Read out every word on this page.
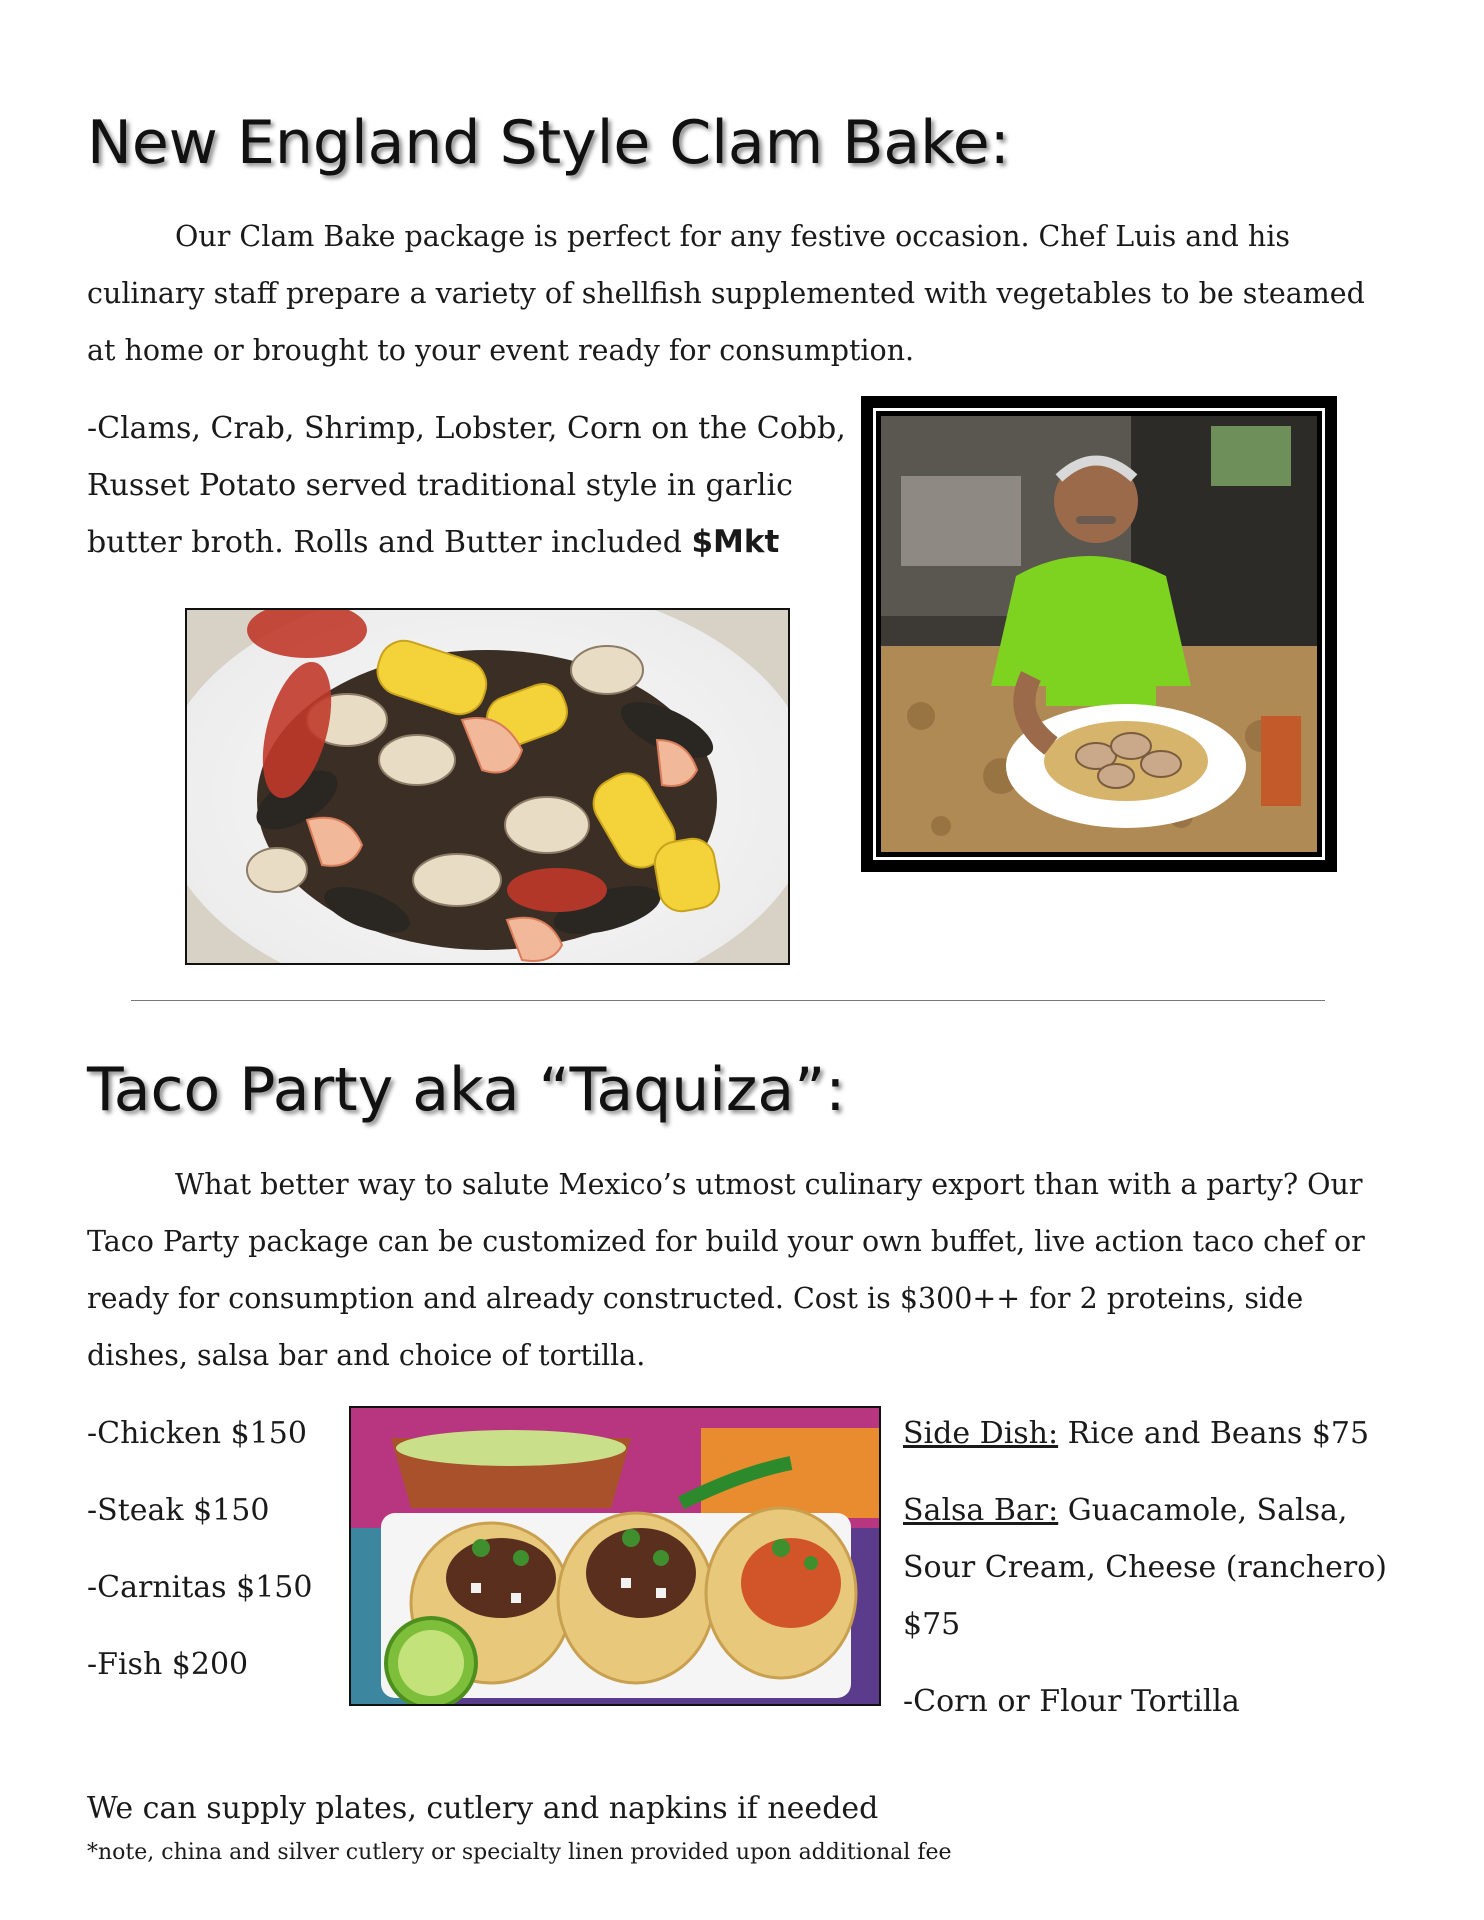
New England Style Clam Bake:

Our Clam Bake package is perfect for any festive occasion. Chef Luis and his culinary staff prepare a variety of shellfish supplemented with vegetables to be steamed at home or brought to your event ready for consumption.

-Clams, Crab, Shrimp, Lobster, Corn on the Cobb, Russet Potato served traditional style in garlic butter broth. Rolls and Butter included $Mkt

Taco Party aka “Taquiza”:

What better way to salute Mexico’s utmost culinary export than with a party? Our Taco Party package can be customized for build your own buffet, live action taco chef or ready for consumption and already constructed. Cost is $300++ for 2 proteins, side dishes, salsa bar and choice of tortilla.

-Chicken $150

-Steak $150

-Carnitas $150

-Fish $200

Side Dish: Rice and Beans $75

Salsa Bar: Guacamole, Salsa, Sour Cream, Cheese (ranchero) $75

-Corn or Flour Tortilla

We can supply plates, cutlery and napkins if needed

*note, china and silver cutlery or specialty linen provided upon additional fee
